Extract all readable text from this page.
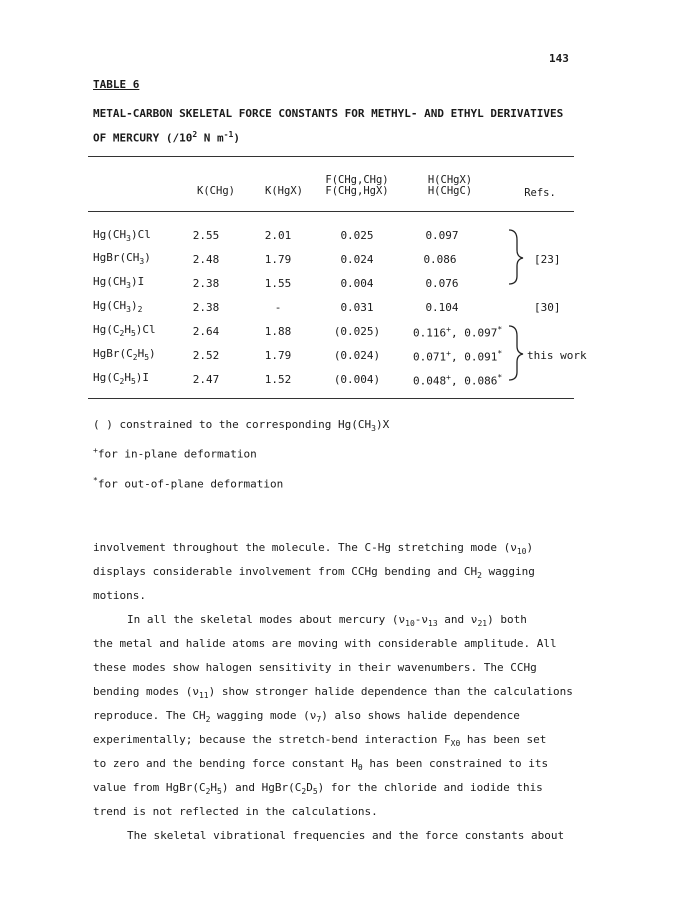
143
TABLE 6
METAL-CARBON SKELETAL FORCE CONSTANTS FOR METHYL- AND ETHYL DERIVATIVES
OF MERCURY ($/10^2$ N $m^{-1}$)
K(CHg)	K(HgX)
F(CHg,CHg)
F(CHg,HgX)
H(CHgX)
H(CHgC)	Refs.
$Hg(CH_3)Cl$
$HgBr(CH_3)$
$Hg(CH_3)I$
$Hg(CH_3)_2$
$Hg(C_2H_5)Cl$
$HgBr(C_2H_5)$
$Hg(C_2H_5)I$
2.55
2.48
2.38
2.38
2.64
2.52
2.47
2.01
1.79
1.55
-
1.88
1.79
1.52
0.025
0.024
0.004
0.031
(0.025)
(0.024)
(0.004)
0.097
0.086
0.076
0.104
0.116+, 0.097*
0.071+, 0.091*
0.048+, 0.086*
[23]
[30]
this work
( ) constrained to the corresponding $Hg(CH_3)X$
+for in-plane deformation
*for out-of-plane deformation
involvement throughout the molecule. The C-Hg stretching mode $(\nu_{10})$
displays considerable involvement from CCHg bending and $CH_2$ wagging
motions.
In all the skeletal modes about mercury ($\nu_{10}-\nu_{13}$ and $\nu_{21}$) both
the metal and halide atoms are moving with considerable amplitude. All
these modes show halogen sensitivity in their wavenumbers. The CCHg
bending modes $(\nu_{11})$ show stronger halide dependence than the calculations
reproduce. The $CH_2$ wagging mode $(\nu_7)$ also shows halide dependence
experimentally; because the stretch-bend interaction $F_{X\theta}$ has been set
to zero and the bending force constant $H_\theta$ has been constrained to its
value from $HgBr(C_2H_5)$ and $HgBr(C_2D_5)$ for the chloride and iodide this
trend is not reflected in the calculations.
The skeletal vibrational frequencies and the force constants about
